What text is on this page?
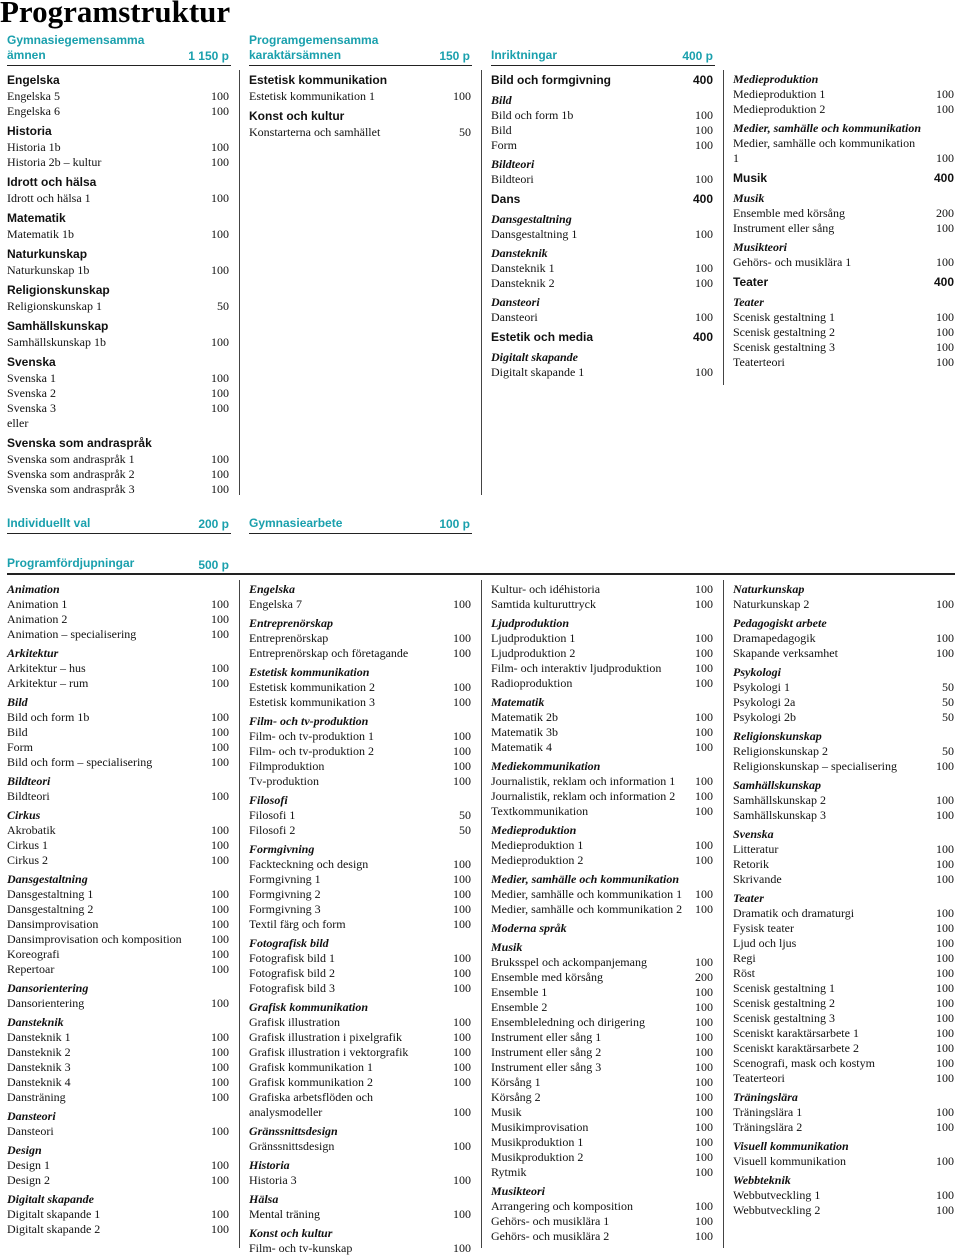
Programstruktur
Gymnasiegemensamma
ämnen	1 150 p
Programgemensamma
karaktärsämnen	150 p
Inriktningar	400 p
Engelska
Engelska 5	100
Engelska 6	100
Historia
Historia 1b	100
Historia 2b – kultur	100
Idrott och hälsa
Idrott och hälsa 1	100
Matematik
Matematik 1b	100
Naturkunskap
Naturkunskap 1b	100
Religionskunskap
Religionskunskap 1	50
Samhällskunskap
Samhällskunskap 1b	100
Svenska
Svenska 1	100
Svenska 2	100
Svenska 3	100
eller
Svenska som andraspråk
Svenska som andraspråk 1	100
Svenska som andraspråk 2	100
Svenska som andraspråk 3	100
Estetisk kommunikation
Estetisk kommunikation 1	100
Konst och kultur
Konstarterna och samhället	50
Bild och formgivning	400
Bild
Bild och form 1b	100
Bild	100
Form	100
Bildteori
Bildteori	100
Dans	400
Dansgestaltning
Dansgestaltning 1	100
Dansteknik
Dansteknik 1	100
Dansteknik 2	100
Dansteori
Dansteori	100
Estetik och media	400
Digitalt skapande
Digitalt skapande 1	100
Medieproduktion
Medieproduktion 1	100
Medieproduktion 2	100
Medier, samhälle och kommunikation
Medier, samhälle och kommunikation 1	100
Musik	400
Musik
Ensemble med körsång	200
Instrument eller sång	100
Musikteori
Gehörs- och musiklära 1	100
Teater	400
Teater
Scenisk gestaltning 1	100
Scenisk gestaltning 2	100
Scenisk gestaltning 3	100
Teaterteori	100
Individuellt val	200 p Gymnasiearbete	100 p
Programfördjupningar	500 p
Animation
Animation 1	100
Animation 2	100
Animation – specialisering	100
Arkitektur
Arkitektur – hus	100
Arkitektur – rum	100
Bild
Bild och form 1b	100
Bild	100
Form	100
Bild och form – specialisering	100
Bildteori
Bildteori	100
Cirkus
Akrobatik	100
Cirkus 1	100
Cirkus 2	100
Dansgestaltning
Dansgestaltning 1	100
Dansgestaltning 2	100
Dansimprovisation	100
Dansimprovisation och komposition 100
Koreografi	100
Repertoar	100
Dansorientering
Dansorientering	100
Dansteknik
Dansteknik 1	100
Dansteknik 2	100
Dansteknik 3	100
Dansteknik 4	100
Dansträning	100
Dansteori
Dansteori	100
Design
Design 1	100
Design 2	100
Digitalt skapande
Digitalt skapande 1	100
Digitalt skapande 2	100
Engelska
Engelska 7	100
Entreprenörskap
Entreprenörskap	100
Entreprenörskap och företagande	100
Estetisk kommunikation
Estetisk kommunikation 2	100
Estetisk kommunikation 3	100
Film- och tv-produktion
Film- och tv-produktion 1	100
Film- och tv-produktion 2	100
Filmproduktion	100
Tv-produktion	100
Filosofi
Filosofi 1	50
Filosofi 2	50
Formgivning
Fackteckning och design	100
Formgivning 1	100
Formgivning 2	100
Formgivning 3	100
Textil färg och form	100
Fotografisk bild
Fotografisk bild 1	100
Fotografisk bild 2	100
Fotografisk bild 3	100
Grafisk kommunikation
Grafisk illustration	100
Grafisk illustration i pixelgrafik	100
Grafisk illustration i vektorgrafik	100
Grafisk kommunikation 1	100
Grafisk kommunikation 2	100
Grafiska arbetsflöden och analysmodeller	100
Gränssnittsdesign
Gränssnittsdesign	100
Historia
Historia 3	100
Hälsa
Mental träning	100
Konst och kultur
Film- och tv-kunskap	100
Kultur- och idéhistoria	100
Samtida kulturuttryck	100
Ljudproduktion
Ljudproduktion 1	100
Ljudproduktion 2	100
Film- och interaktiv ljudproduktion	100
Radioproduktion	100
Matematik
Matematik 2b	100
Matematik 3b	100
Matematik 4	100
Mediekommunikation
Journalistik, reklam och information 1 100
Journalistik, reklam och information 2 100
Textkommunikation	100
Medieproduktion
Medieproduktion 1	100
Medieproduktion 2	100
Medier, samhälle och kommunikation
Medier, samhälle och kommunikation 1 100
Medier, samhälle och kommunikation 2 100
Moderna språk
Musik
Bruksspel och ackompanjemang	100
Ensemble med körsång	200
Ensemble 1	100
Ensemble 2	100
Ensembleledning och dirigering	100
Instrument eller sång 1	100
Instrument eller sång 2	100
Instrument eller sång 3	100
Körsång 1	100
Körsång 2	100
Musik	100
Musikimprovisation	100
Musikproduktion 1	100
Musikproduktion 2	100
Rytmik	100
Musikteori
Arrangering och komposition	100
Gehörs- och musiklära 1	100
Gehörs- och musiklära 2	100
Naturkunskap
Naturkunskap 2	100
Pedagogiskt arbete
Dramapedagogik	100
Skapande verksamhet	100
Psykologi
Psykologi 1	50
Psykologi 2a	50
Psykologi 2b	50
Religionskunskap
Religionskunskap 2	50
Religionskunskap – specialisering	100
Samhällskunskap
Samhällskunskap 2	100
Samhällskunskap 3	100
Svenska
Litteratur	100
Retorik	100
Skrivande	100
Teater
Dramatik och dramaturgi	100
Fysisk teater	100
Ljud och ljus	100
Regi	100
Röst	100
Scenisk gestaltning 1	100
Scenisk gestaltning 2	100
Scenisk gestaltning 3	100
Sceniskt karaktärsarbete 1	100
Sceniskt karaktärsarbete 2	100
Scenografi, mask och kostym	100
Teaterteori	100
Träningslära
Träningslära 1	100
Träningslära 2	100
Visuell kommunikation
Visuell kommunikation	100
Webbteknik
Webbutveckling 1	100
Webbutveckling 2	100
